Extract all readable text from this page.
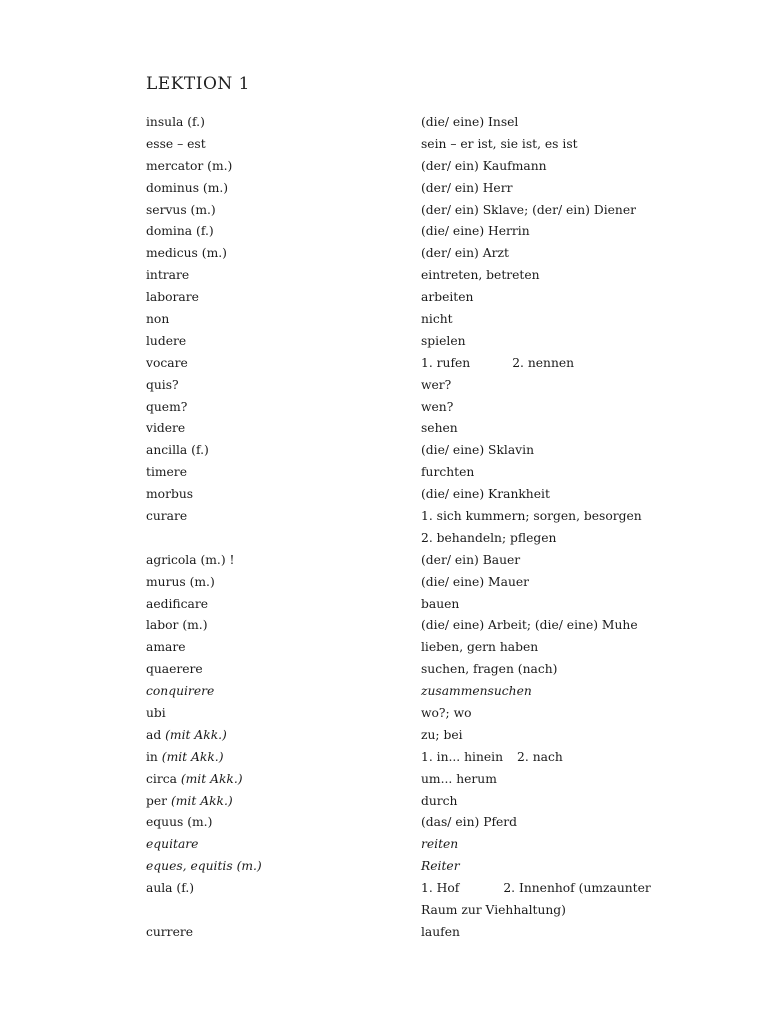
LEKTION 1
insula (f.)	(die/ eine) Insel
esse – est	sein – er ist, sie ist, es ist
mercator (m.)	(der/ ein) Kaufmann
dominus (m.)	(der/ ein) Herr
servus (m.)	(der/ ein) Sklave; (der/ ein) Diener
domina (f.)	(die/ eine) Herrin
medicus (m.)	(der/ ein) Arzt
intrare	eintreten, betreten
laborare	arbeiten
non	nicht
ludere	spielen
vocare	1. rufen	2. nennen
quis?	wer?
quem?	wen?
videre	sehen
ancilla (f.)	(die/ eine) Sklavin
timere	furchten
morbus	(die/ eine) Krankheit
curare	1. sich kummern; sorgen, besorgen
2. behandeln; pflegen
agricola (m.) !	(der/ ein) Bauer
murus (m.)	(die/ eine) Mauer
aedificare	bauen
labor (m.)	(die/ eine) Arbeit; (die/ eine) Muhe
amare	lieben, gern haben
quaerere	suchen, fragen (nach)
conquirere	zusammensuchen
ubi	wo?; wo
ad (mit Akk.)	zu; bei
in (mit Akk.)	1. in... hinein 2. nach
circa (mit Akk.)	um... herum
per (mit Akk.)	durch
equus (m.)	(das/ ein) Pferd
equitare	reiten
eques, equitis (m.)	Reiter
aula (f.)	1. Hof	2. Innenhof (umzaunter
Raum zur Viehhaltung)
currere	laufen
